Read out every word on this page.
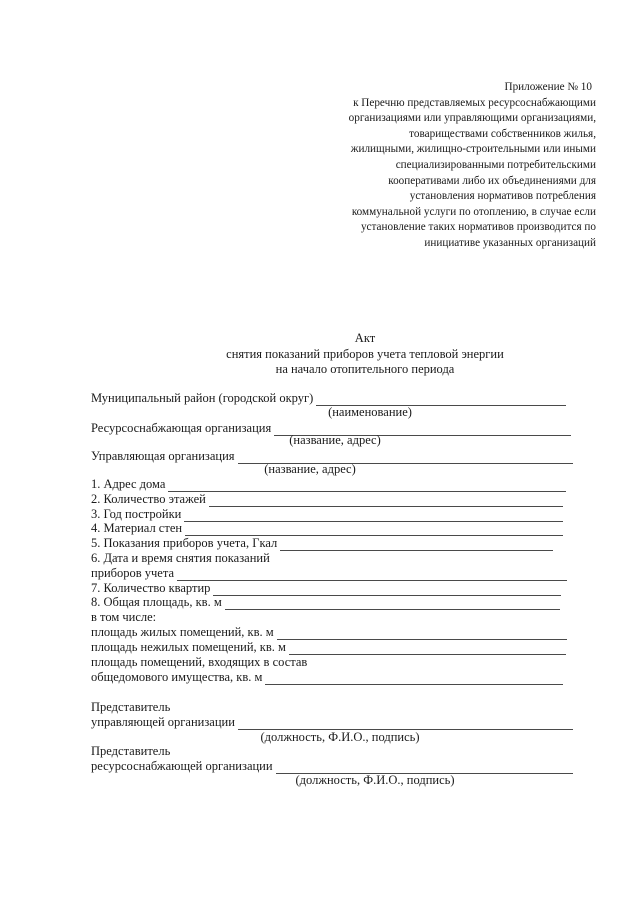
Приложение № 10
к Перечню представляемых ресурсоснабжающими
организациями или управляющими организациями,
товариществами собственников жилья,
жилищными, жилищно-строительными или иными
специализированными потребительскими
кооперативами либо их объединениями для
установления нормативов потребления
коммунальной услуги по отоплению, в случае если
установление таких нормативов производится по
инициативе указанных организаций
Акт
снятия показаний приборов учета тепловой энергии
на начало отопительного периода
Муниципальный район (городской округ)
(наименование)
Ресурсоснабжающая организация
(название, адрес)
Управляющая организация
(название, адрес)
1. Адрес дома
2. Количество этажей
3. Год постройки
4. Материал стен
5. Показания приборов учета, Гкал
6. Дата и время снятия показаний
приборов учета
7. Количество квартир
8. Общая площадь, кв. м
в том числе:
площадь жилых помещений, кв. м
площадь нежилых помещений, кв. м
площадь помещений, входящих в состав
общедомового имущества, кв. м
Представитель
управляющей организации
(должность, Ф.И.О., подпись)
Представитель
ресурсоснабжающей организации
(должность, Ф.И.О., подпись)
